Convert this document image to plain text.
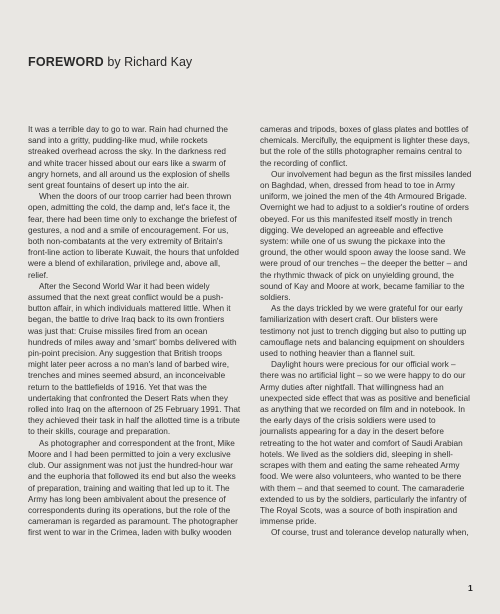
FOREWORD by Richard Kay

It was a terrible day to go to war. Rain had churned the sand into a gritty, pudding-like mud, while rockets streaked overhead across the sky. In the darkness red and white tracer hissed about our ears like a swarm of angry hornets, and all around us the explosion of shells sent great fountains of desert up into the air.

When the doors of our troop carrier had been thrown open, admitting the cold, the damp and, let's face it, the fear, there had been time only to exchange the briefest of gestures, a nod and a smile of encouragement. For us, both non-combatants at the very extremity of Britain's front-line action to liberate Kuwait, the hours that unfolded were a blend of exhilaration, privilege and, above all, relief.

After the Second World War it had been widely assumed that the next great conflict would be a push-button affair, in which individuals mattered little. When it began, the battle to drive Iraq back to its own frontiers was just that: Cruise missiles fired from an ocean hundreds of miles away and 'smart' bombs delivered with pin-point precision. Any suggestion that British troops might later peer across a no man's land of barbed wire, trenches and mines seemed absurd, an inconceivable return to the battlefields of 1916. Yet that was the undertaking that confronted the Desert Rats when they rolled into Iraq on the afternoon of 25 February 1991. That they achieved their task in half the allotted time is a tribute to their skills, courage and preparation.

As photographer and correspondent at the front, Mike Moore and I had been permitted to join a very exclusive club. Our assignment was not just the hundred-hour war and the euphoria that followed its end but also the weeks of preparation, training and waiting that led up to it. The Army has long been ambivalent about the presence of correspondents during its operations, but the role of the cameraman is regarded as paramount. The photographer first went to war in the Crimea, laden with bulky wooden

cameras and tripods, boxes of glass plates and bottles of chemicals. Mercifully, the equipment is lighter these days, but the role of the stills photographer remains central to the recording of conflict.

Our involvement had begun as the first missiles landed on Baghdad, when, dressed from head to toe in Army uniform, we joined the men of the 4th Armoured Brigade. Overnight we had to adjust to a soldier's routine of orders obeyed. For us this manifested itself mostly in trench digging. We developed an agreeable and effective system: while one of us swung the pickaxe into the ground, the other would spoon away the loose sand. We were proud of our trenches – the deeper the better – and the rhythmic thwack of pick on unyielding ground, the sound of Kay and Moore at work, became familiar to the soldiers.

As the days trickled by we were grateful for our early familiarization with desert craft. Our blisters were testimony not just to trench digging but also to putting up camouflage nets and balancing equipment on shoulders used to nothing heavier than a flannel suit.

Daylight hours were precious for our official work – there was no artificial light – so we were happy to do our Army duties after nightfall. That willingness had an unexpected side effect that was as positive and beneficial as anything that we recorded on film and in notebook. In the early days of the crisis soldiers were used to journalists appearing for a day in the desert before retreating to the hot water and comfort of Saudi Arabian hotels. We lived as the soldiers did, sleeping in shell-scrapes with them and eating the same reheated Army food. We were also volunteers, who wanted to be there with them – and that seemed to count. The camaraderie extended to us by the soldiers, particularly the infantry of The Royal Scots, was a source of both inspiration and immense pride.

Of course, trust and tolerance develop naturally when,

1
